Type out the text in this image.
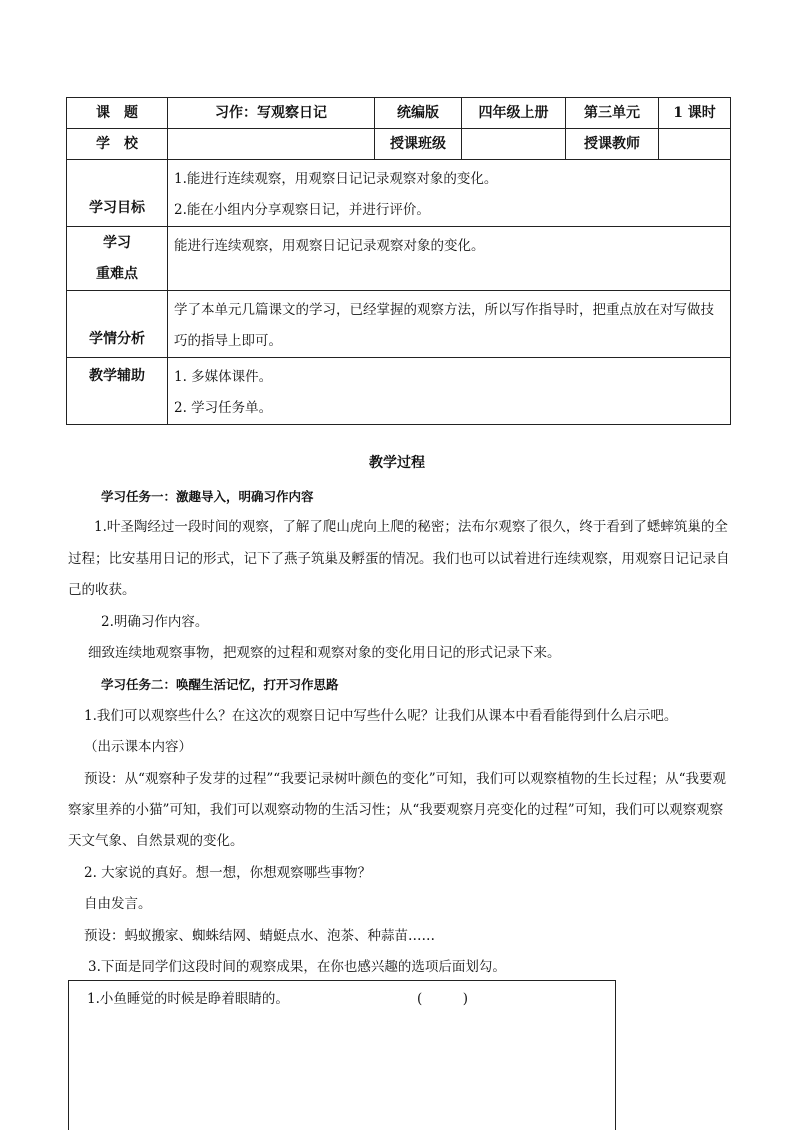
课　题	习作：写观察日记	统编版	四年级上册	第三单元	1 课时
学　校		授课班级		授课教师	
学习目标	1.能进行连续观察，用观察日记记录观察对象的变化。
2.能在小组内分享观察日记，并进行评价。				

学习
重难点	能进行连续观察，用观察日记记录观察对象的变化。				

学情分析	学了本单元几篇课文的学习，已经掌握的观察方法，所以写作指导时，把重点放在对写做技巧的指导上即可。				

教学辅助	1. 多媒体课件。
2. 学习任务单。				
教学过程

学习任务一：激趣导入，明确习作内容

1.叶圣陶经过一段时间的观察，了解了爬山虎向上爬的秘密；法布尔观察了很久，终于看到了蟋蟀筑巢的全过程；比安基用日记的形式，记下了燕子筑巢及孵蛋的情况。我们也可以试着进行连续观察，用观察日记记录自己的收获。

2.明确习作内容。

细致连续地观察事物，把观察的过程和观察对象的变化用日记的形式记录下来。

学习任务二：唤醒生活记忆，打开习作思路

1.我们可以观察些什么？在这次的观察日记中写些什么呢？让我们从课本中看看能得到什么启示吧。

（出示课本内容）

预设：从“观察种子发芽的过程”“我要记录树叶颜色的变化”可知，我们可以观察植物的生长过程；从“我要观察家里养的小猫”可知，我们可以观察动物的生活习性；从“我要观察月亮变化的过程”可知，我们可以观察观察天文气象、自然景观的变化。

2. 大家说的真好。想一想，你想观察哪些事物？

自由发言。

预设：蚂蚁搬家、蜘蛛结网、蜻蜓点水、泡茶、种蒜苗……

3.下面是同学们这段时间的观察成果，在你也感兴趣的选项后面划勾。

1.小鱼睡觉的时候是睁着眼睛的。	(　　　)
